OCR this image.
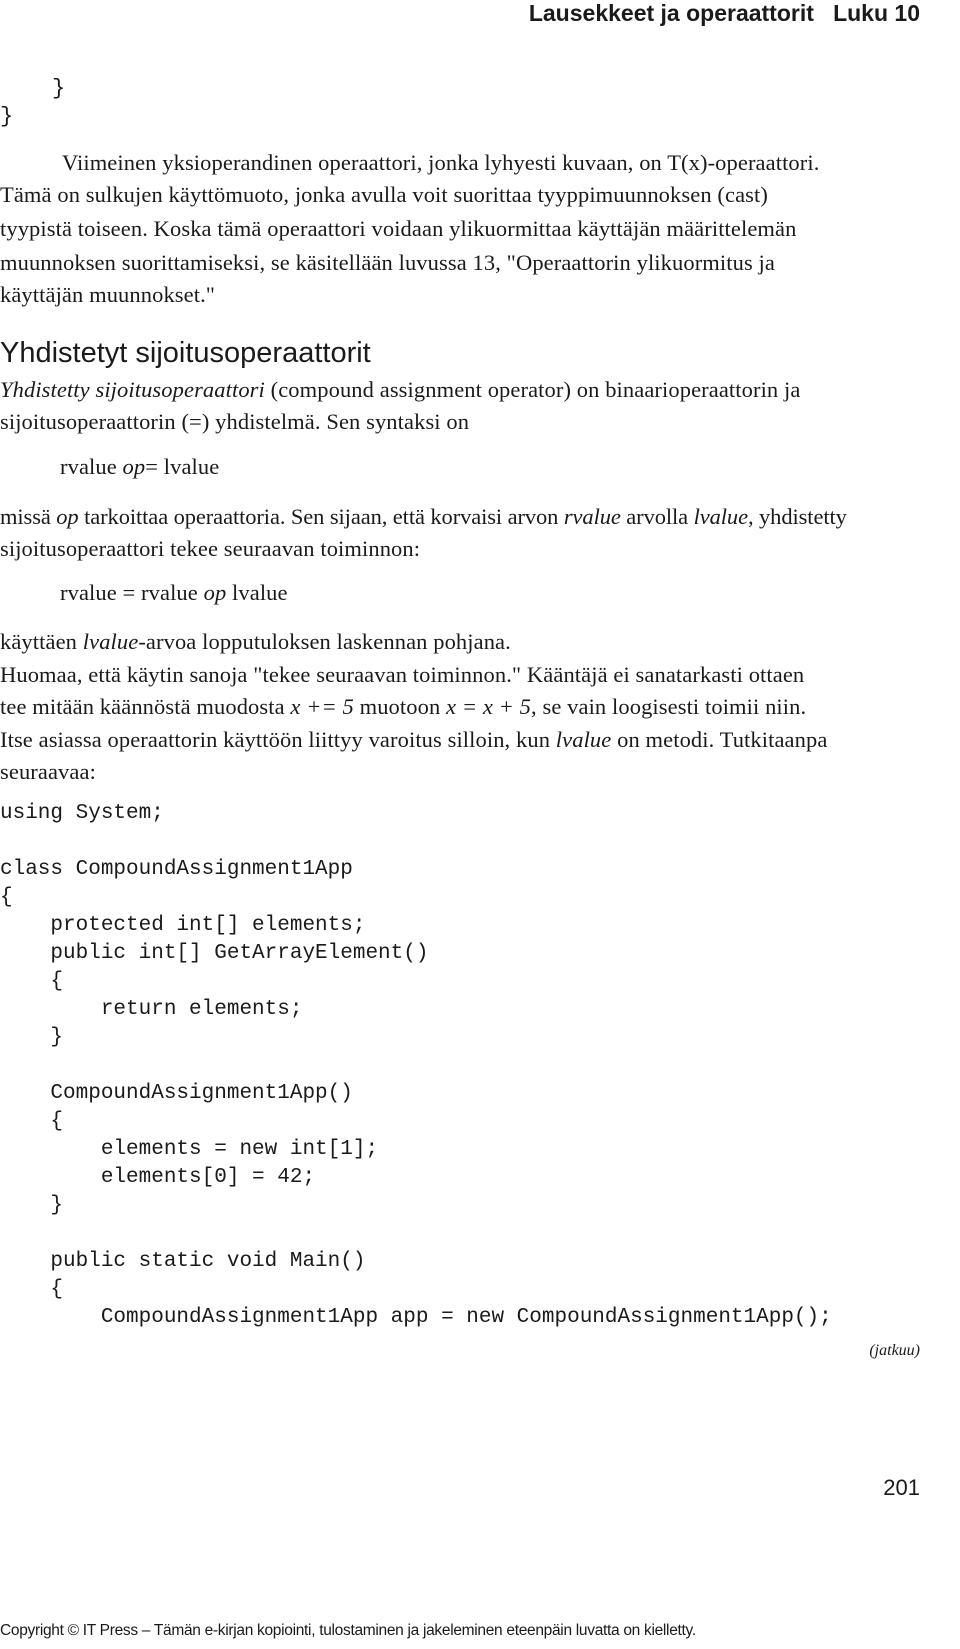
Lausekkeet ja operaattorit Luku 10
}
}
Viimeinen yksioperandinen operaattori, jonka lyhyesti kuvaan, on T(x)-operaattori.
Tämä on sulkujen käyttömuoto, jonka avulla voit suorittaa tyyppimuunnoksen (cast)
tyypistä toiseen. Koska tämä operaattori voidaan ylikuormittaa käyttäjän määrittelemän
muunnoksen suorittamiseksi, se käsitellään luvussa 13, "Operaattorin ylikuormitus ja
käyttäjän muunnokset."
Yhdistetyt sijoitusoperaattorit
Yhdistetty sijoitusoperaattori (compound assignment operator) on binaarioperaattorin ja
sijoitusoperaattorin (=) yhdistelmä. Sen syntaksi on
rvalue op= lvalue
missä op tarkoittaa operaattoria. Sen sijaan, että korvaisi arvon rvalue arvolla lvalue, yhdistetty
sijoitusoperaattori tekee seuraavan toiminnon:
rvalue = rvalue op lvalue
käyttäen lvalue-arvoa lopputuloksen laskennan pohjana.
Huomaa, että käytin sanoja "tekee seuraavan toiminnon." Kääntäjä ei sanatarkasti ottaen
tee mitään käännöstä muodosta x += 5 muotoon x = x + 5, se vain loogisesti toimii niin.
Itse asiassa operaattorin käyttöön liittyy varoitus silloin, kun lvalue on metodi. Tutkitaanpa
seuraavaa:
using System;
class CompoundAssignment1App
{
protected int[] elements;
public int[] GetArrayElement()
{
return elements;
}
CompoundAssignment1App()
{
elements = new int[1];
elements[0] = 42;
}
public static void Main()
{
CompoundAssignment1App app = new CompoundAssignment1App();
(jatkuu)
201
Copyright © IT Press – Tämän e-kirjan kopiointi, tulostaminen ja jakeleminen eteenpäin luvatta on kielletty.
